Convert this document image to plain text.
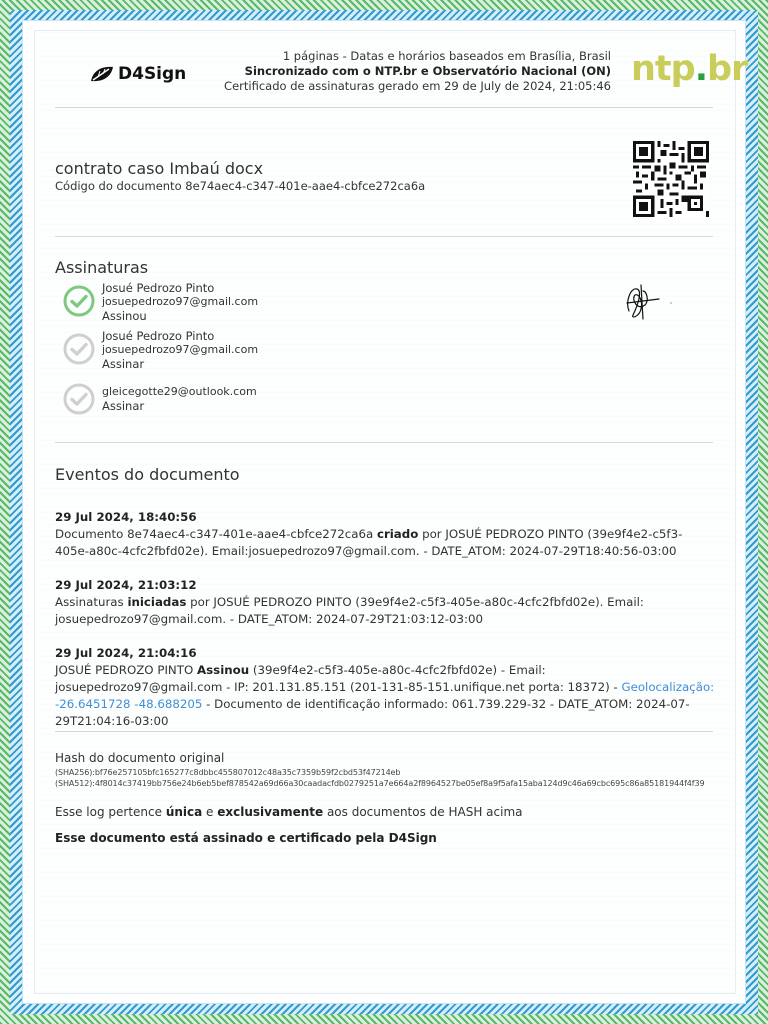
D4Sign
1 páginas - Datas e horários baseados em Brasília, Brasil
Sincronizado com o NTP.br e Observatório Nacional (ON)
Certificado de assinaturas gerado em 29 de July de 2024, 21:05:46 ntp.br
contrato caso Imbaú docx
Código do documento 8e74aec4-c347-401e-aae4-cbfce272ca6a
Assinaturas
Josué Pedrozo Pinto
josuepedrozo97@gmail.com
Assinou
Josué Pedrozo Pinto
josuepedrozo97@gmail.com
Assinar
gleicegotte29@outlook.com
Assinar
Eventos do documento
29 Jul 2024, 18:40:56
Documento 8e74aec4-c347-401e-aae4-cbfce272ca6a criado por JOSUÉ PEDROZO PINTO (39e9f4e2-c5f3-405e-a80c-4cfc2fbfd02e). Email:josuepedrozo97@gmail.com. - DATE_ATOM: 2024-07-29T18:40:56-03:00
29 Jul 2024, 21:03:12
Assinaturas iniciadas por JOSUÉ PEDROZO PINTO (39e9f4e2-c5f3-405e-a80c-4cfc2fbfd02e). Email: josuepedrozo97@gmail.com. - DATE_ATOM: 2024-07-29T21:03:12-03:00
29 Jul 2024, 21:04:16
JOSUÉ PEDROZO PINTO Assinou (39e9f4e2-c5f3-405e-a80c-4cfc2fbfd02e) - Email: josuepedrozo97@gmail.com - IP: 201.131.85.151 (201-131-85-151.unifique.net porta: 18372) - Geolocalização: -26.6451728 -48.688205 - Documento de identificação informado: 061.739.229-32 - DATE_ATOM: 2024-07-29T21:04:16-03:00
Hash do documento original
(SHA256):bf76e257105bfc165277c8dbbc455807012c48a35c7359b59f2cbd53f47214eb
(SHA512):4f8014c37419bb756e24b6eb5bef878542a69d66a30caadacfdb0279251a7e664a2f8964527be05ef8a9f5afa15aba124d9c46a69cbc695c86a85181944f4f39
Esse log pertence única e exclusivamente aos documentos de HASH acima
Esse documento está assinado e certificado pela D4Sign
